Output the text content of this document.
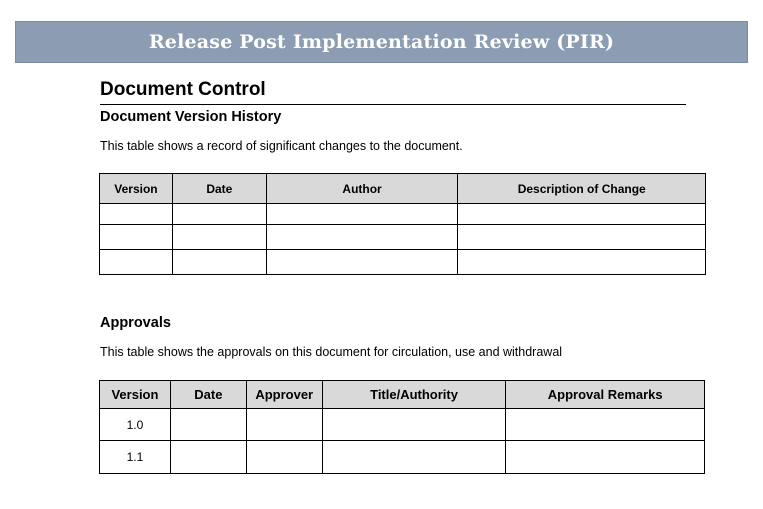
Release Post Implementation Review (PIR)
Document Control
Document Version History
This table shows a record of significant changes to the document.
Version	Date	Author	Description of Change

Approvals
This table shows the approvals on this document for circulation, use and withdrawal
Version	Date	Approver	Title/Authority	Approval Remarks
1.0				
1.1				
